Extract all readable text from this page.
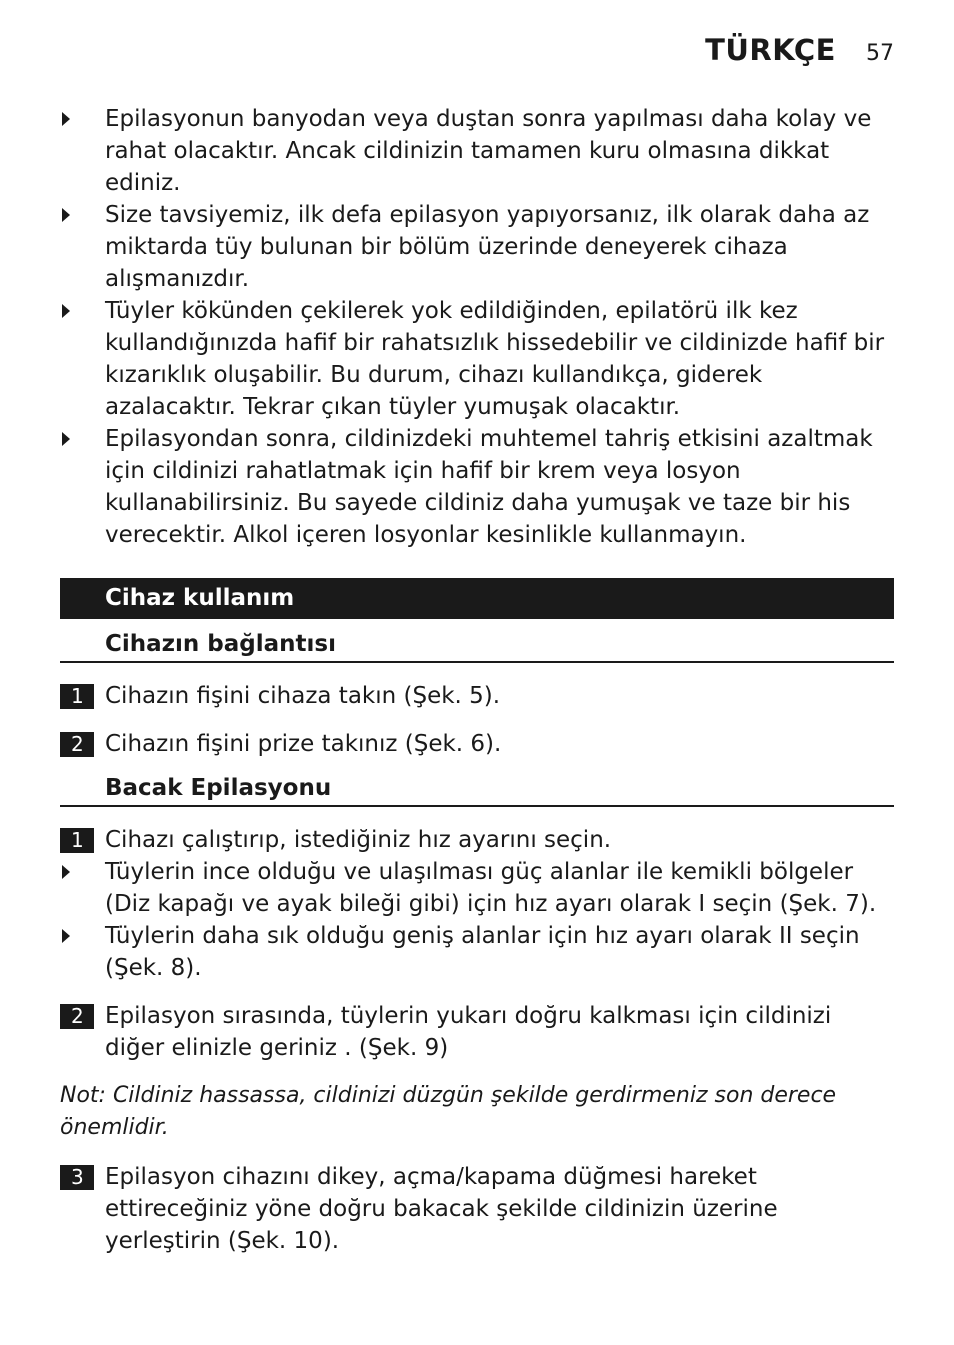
TÜRKÇE 57
Epilasyonun banyodan veya duştan sonra yapılması daha kolay ve rahat olacaktır. Ancak cildinizin tamamen kuru olmasına dikkat ediniz.
Size tavsiyemiz, ilk defa epilasyon yapıyorsanız, ilk olarak daha az miktarda tüy bulunan bir bölüm üzerinde deneyerek cihaza alışmanızdır.
Tüyler kökünden çekilerek yok edildiğinden, epilatörü ilk kez kullandığınızda hafif bir rahatsızlık hissedebilir ve cildinizde hafif bir kızarıklık oluşabilir. Bu durum, cihazı kullandıkça, giderek azalacaktır. Tekrar çıkan tüyler yumuşak olacaktır.
Epilasyondan sonra, cildinizdeki muhtemel tahriş etkisini azaltmak için cildinizi rahatlatmak için hafif bir krem veya losyon kullanabilirsiniz. Bu sayede cildiniz daha yumuşak ve taze bir his verecektir. Alkol içeren losyonlar kesinlikle kullanmayın.
Cihaz kullanım
Cihazın bağlantısı
1 Cihazın fişini cihaza takın (Şek. 5).
2 Cihazın fişini prize takınız (Şek. 6).
Bacak Epilasyonu
1 Cihazı çalıştırıp, istediğiniz hız ayarını seçin.
Tüylerin ince olduğu ve ulaşılması güç alanlar ile kemikli bölgeler (Diz kapağı ve ayak bileği gibi) için hız ayarı olarak I seçin (Şek. 7).
Tüylerin daha sık olduğu geniş alanlar için hız ayarı olarak II seçin (Şek. 8).
2 Epilasyon sırasında, tüylerin yukarı doğru kalkması için cildinizi diğer elinizle geriniz . (Şek. 9)
Not: Cildiniz hassassa, cildinizi düzgün şekilde gerdirmeniz son derece önemlidir.
3 Epilasyon cihazını dikey, açma/kapama düğmesi hareket ettireceğiniz yöne doğru bakacak şekilde cildinizin üzerine yerleştirin (Şek. 10).
